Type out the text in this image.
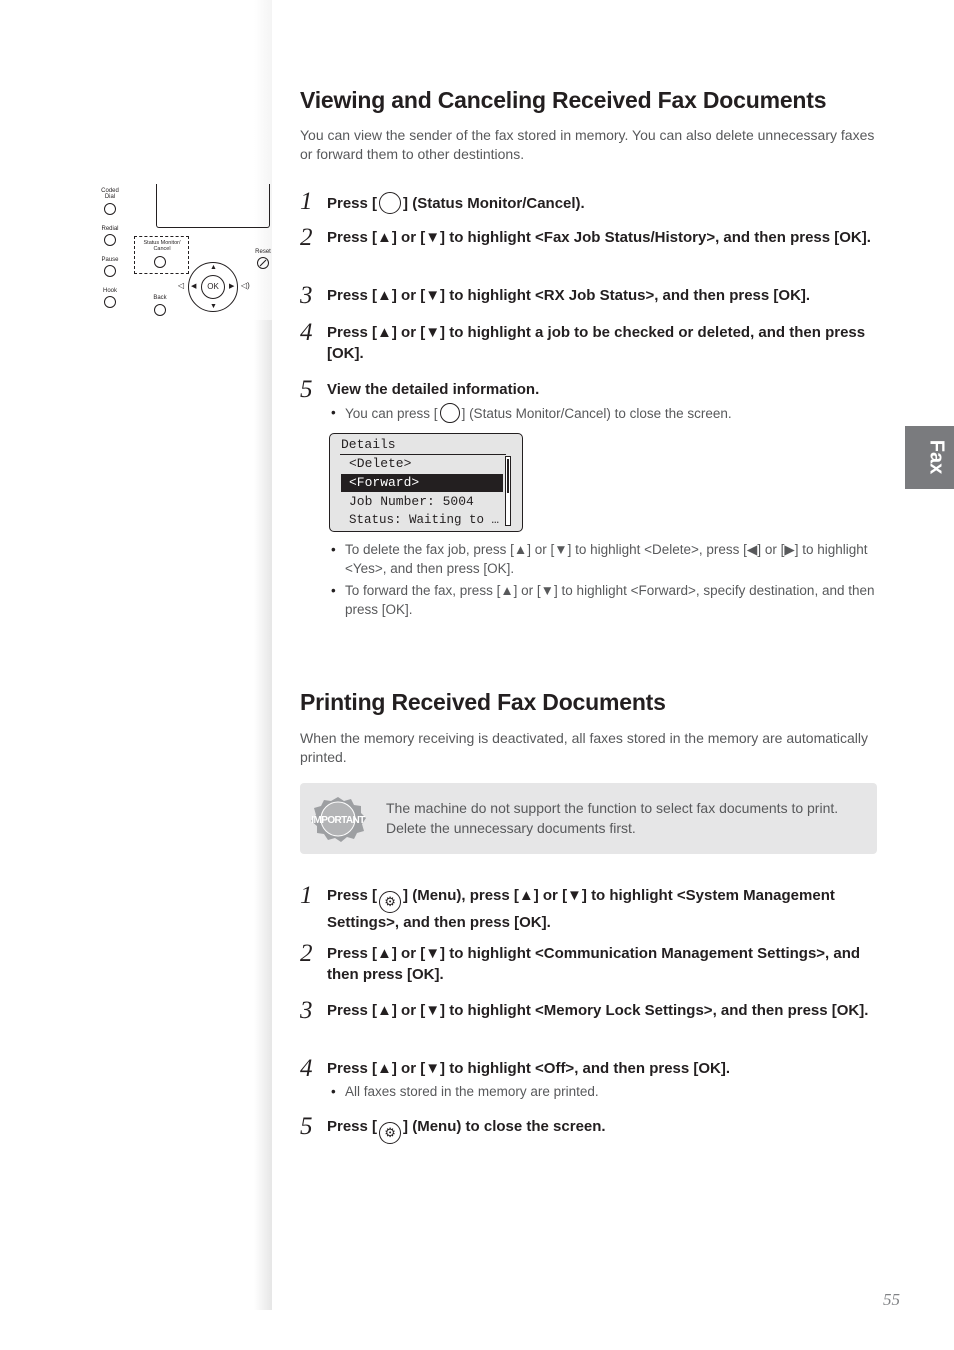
Coded
Dial
Redial
Pause
Hook
Status Monitor/
Cancel
Back
OK
▲
▼
◀	▶
◁	◁)
Reset
Viewing and Canceling Received Fax Documents

You can view the sender of the fax stored in memory. You can also delete unnecessary faxes or forward them to other destintions.

1 Press [ ] (Status Monitor/Cancel).
2 Press [▲] or [▼] to highlight <Fax Job Status/History>, and then press [OK].
3 Press [▲] or [▼] to highlight <RX Job Status>, and then press [OK].
4 Press [▲] or [▼] to highlight a job to be checked or deleted, and then press [OK].
5 View the detailed information.
• You can press [ ] (Status Monitor/Cancel) to close the screen.
Details
<Delete>
<Forward>
Job Number: 5004
Status: Waiting to …
• To delete the fax job, press [▲] or [▼] to highlight <Delete>, press [◀] or [▶] to highlight <Yes>, and then press [OK].
• To forward the fax, press [▲] or [▼] to highlight <Forward>, specify destination, and then press [OK].
Printing Received Fax Documents

When the memory receiving is deactivated, all faxes stored in the memory are automatically printed.

IMPORTANT
The machine do not support the function to select fax documents to print. Delete the unnecessary documents first.
1 Press [ ⚙ ] (Menu), press [▲] or [▼] to highlight <System Management Settings>, and then press [OK].
2 Press [▲] or [▼] to highlight <Communication Management Settings>, and then press [OK].
3 Press [▲] or [▼] to highlight <Memory Lock Settings>, and then press [OK].
4 Press [▲] or [▼] to highlight <Off>, and then press [OK].
• All faxes stored in the memory are printed.
5 Press [ ⚙ ] (Menu) to close the screen.
Fax
55
